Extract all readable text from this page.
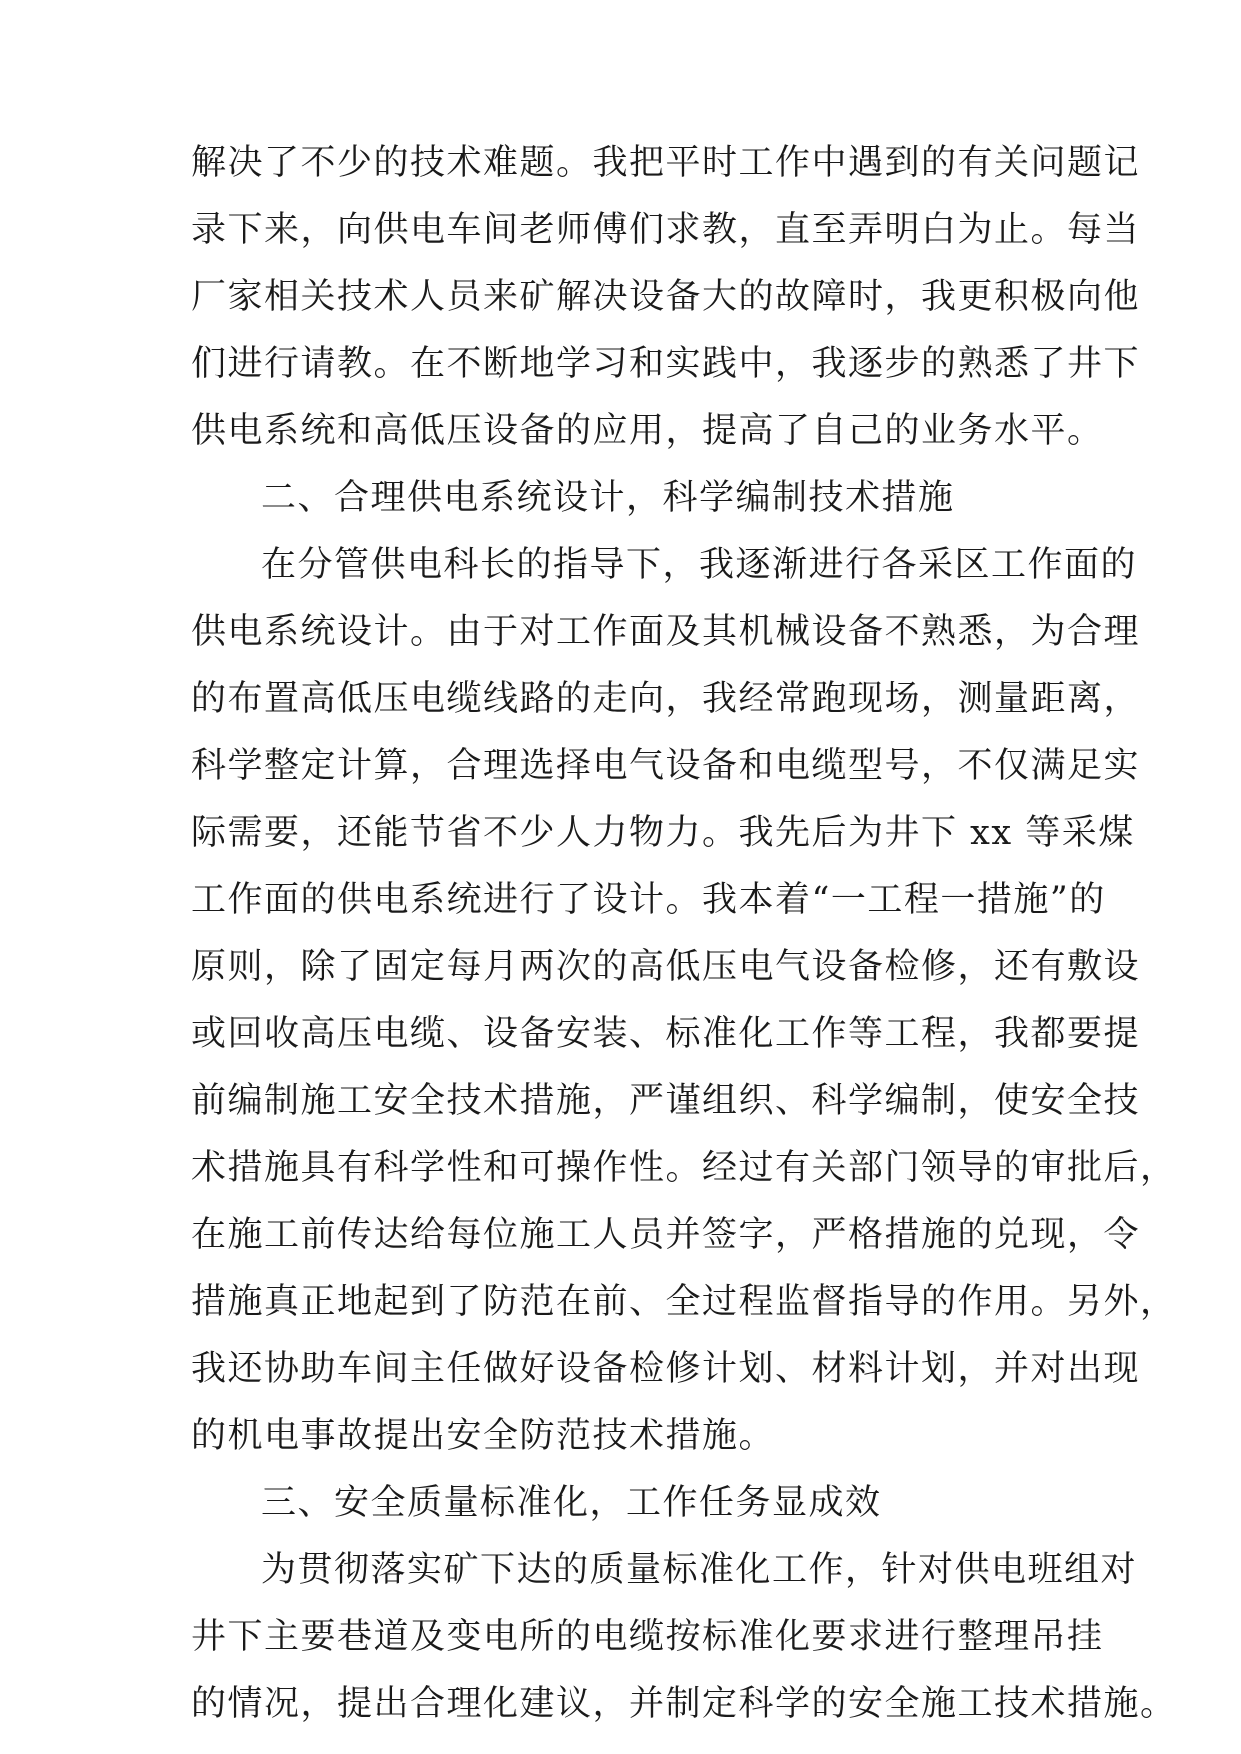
解决了不少的技术难题。我把平时工作中遇到的有关问题记
录下来，向供电车间老师傅们求教，直至弄明白为止。每当
厂家相关技术人员来矿解决设备大的故障时，我更积极向他
们进行请教。在不断地学习和实践中，我逐步的熟悉了井下
供电系统和高低压设备的应用，提高了自己的业务水平。
二、合理供电系统设计，科学编制技术措施
在分管供电科长的指导下，我逐渐进行各采区工作面的
供电系统设计。由于对工作面及其机械设备不熟悉，为合理
的布置高低压电缆线路的走向，我经常跑现场，测量距离，
科学整定计算，合理选择电气设备和电缆型号，不仅满足实
际需要，还能节省不少人力物力。我先后为井下 xx 等采煤
工作面的供电系统进行了设计。我本着“一工程一措施”的
原则，除了固定每月两次的高低压电气设备检修，还有敷设
或回收高压电缆、设备安装、标准化工作等工程，我都要提
前编制施工安全技术措施，严谨组织、科学编制，使安全技
术措施具有科学性和可操作性。经过有关部门领导的审批后，
在施工前传达给每位施工人员并签字，严格措施的兑现，令
措施真正地起到了防范在前、全过程监督指导的作用。另外，
我还协助车间主任做好设备检修计划、材料计划，并对出现
的机电事故提出安全防范技术措施。
三、安全质量标准化，工作任务显成效
为贯彻落实矿下达的质量标准化工作，针对供电班组对
井下主要巷道及变电所的电缆按标准化要求进行整理吊挂
的情况，提出合理化建议，并制定科学的安全施工技术措施。
